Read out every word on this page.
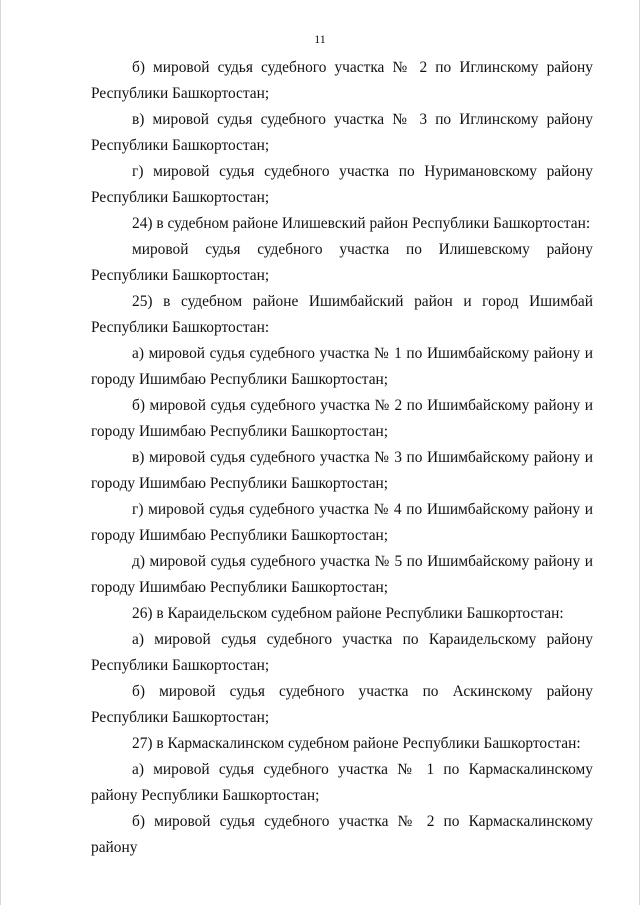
11

б) мировой судья судебного участка № 2 по Иглинскому району Республики Башкортостан;

в) мировой судья судебного участка № 3 по Иглинскому району Республики Башкортостан;

г) мировой судья судебного участка по Нуримановскому району Республики Башкортостан;

24) в судебном районе Илишевский район Республики Башкортостан:

мировой судья судебного участка по Илишевскому району Республики Башкортостан;

25) в судебном районе Ишимбайский район и город Ишимбай Республики Башкортостан:

а) мировой судья судебного участка № 1 по Ишимбайскому району и городу Ишимбаю Республики Башкортостан;

б) мировой судья судебного участка № 2 по Ишимбайскому району и городу Ишимбаю Республики Башкортостан;

в) мировой судья судебного участка № 3 по Ишимбайскому району и городу Ишимбаю Республики Башкортостан;

г) мировой судья судебного участка № 4 по Ишимбайскому району и городу Ишимбаю Республики Башкортостан;

д) мировой судья судебного участка № 5 по Ишимбайскому району и городу Ишимбаю Республики Башкортостан;

26) в Караидельском судебном районе Республики Башкортостан:

а) мировой судья судебного участка по Караидельскому району Республики Башкортостан;

б) мировой судья судебного участка по Аскинскому району Республики Башкортостан;

27) в Кармаскалинском судебном районе Республики Башкортостан:

а) мировой судья судебного участка № 1 по Кармаскалинскому району Республики Башкортостан;

б) мировой судья судебного участка № 2 по Кармаскалинскому району
